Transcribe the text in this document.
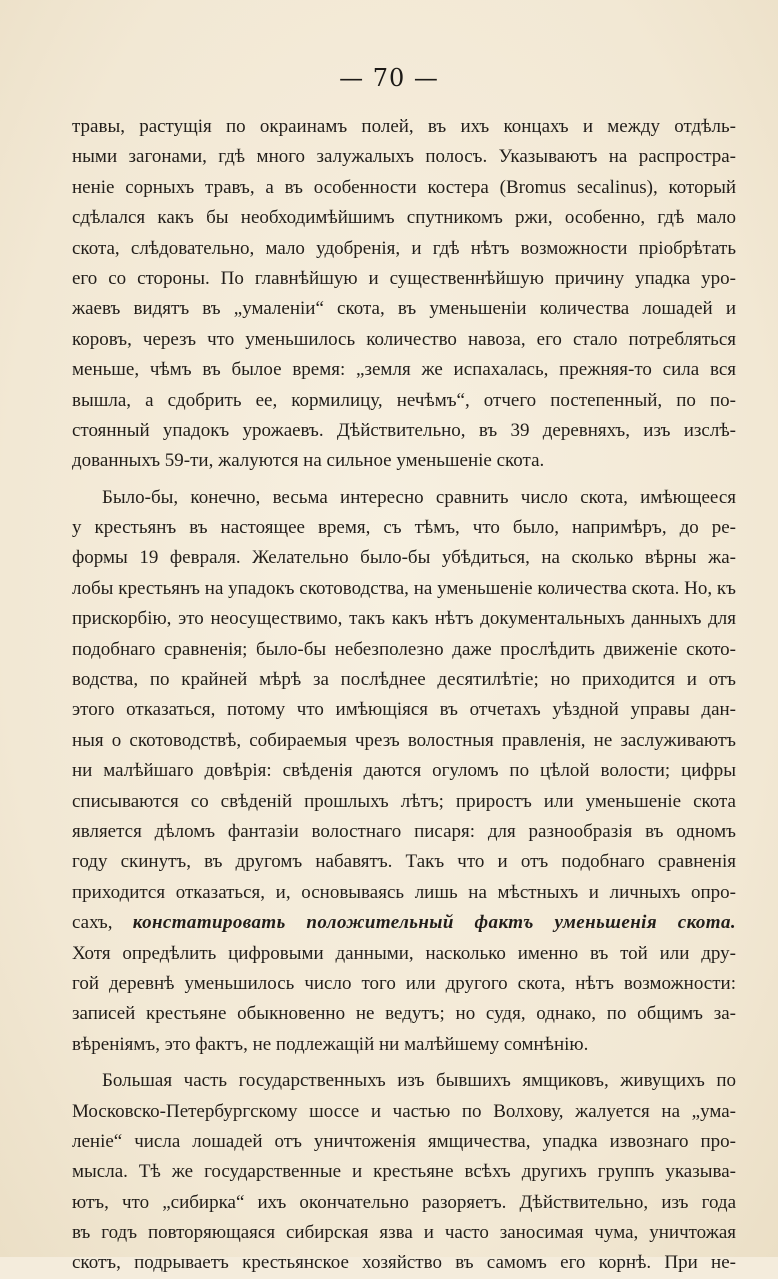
— 70 —
травы, растущія по окраинамъ полей, въ ихъ концахъ и между отдѣль-
ными загонами, гдѣ много залужалыхъ полосъ. Указываютъ на распростра-
неніе сорныхъ травъ, а въ особенности костера (Bromus secalinus), который
сдѣлался какъ бы необходимѣйшимъ спутникомъ ржи, особенно, гдѣ мало
скота, слѣдовательно, мало удобренія, и гдѣ нѣтъ возможности пріобрѣтать
его со стороны. По главнѣйшую и существеннѣйшую причину упадка уро-
жаевъ видятъ въ „умаленіи“ скота, въ уменьшеніи количества лошадей и
коровъ, черезъ что уменьшилось количество навоза, его стало потребляться
меньше, чѣмъ въ былое время: „земля же испахалась, прежняя-то сила вся
вышла, а сдобрить ее, кормилицу, нечѣмъ“, отчего постепенный, по по-
стоянный упадокъ урожаевъ. Дѣйствительно, въ 39 деревняхъ, изъ изслѣ-
дованныхъ 59-ти, жалуются на сильное уменьшеніе скота.
Было-бы, конечно, весьма интересно сравнить число скота, имѣющееся
у крестьянъ въ настоящее время, съ тѣмъ, что было, напримѣръ, до ре-
формы 19 февраля. Желательно было-бы убѣдиться, на сколько вѣрны жа-
лобы крестьянъ на упадокъ скотоводства, на уменьшеніе количества скота. Но, къ
прискорбію, это неосуществимо, такъ какъ нѣтъ документальныхъ данныхъ для
подобнаго сравненія; было-бы небезполезно даже прослѣдить движеніе ското-
водства, по крайней мѣрѣ за послѣднее десятилѣтіе; но приходится и отъ
этого отказаться, потому что имѣющіяся въ отчетахъ уѣздной управы дан-
ныя о скотоводствѣ, собираемыя чрезъ волостныя правленія, не заслуживаютъ
ни малѣйшаго довѣрія: свѣденія даются огуломъ по цѣлой волости; цифры
списываются со свѣденій прошлыхъ лѣтъ; приростъ или уменьшеніе скота
является дѣломъ фантазіи волостнаго писаря: для разнообразія въ одномъ
году скинутъ, въ другомъ набавятъ. Такъ что и отъ подобнаго сравненія
приходится отказаться, и, основываясь лишь на мѣстныхъ и личныхъ опро-
сахъ, констатировать положительный фактъ уменьшенія скота.
Хотя опредѣлить цифровыми данными, насколько именно въ той или дру-
гой деревнѣ уменьшилось число того или другого скота, нѣтъ возможности:
записей крестьяне обыкновенно не ведутъ; но судя, однако, по общимъ за-
вѣреніямъ, это фактъ, не подлежащій ни малѣйшему сомнѣнію.
Большая часть государственныхъ изъ бывшихъ ямщиковъ, живущихъ по
Московско-Петербургскому шоссе и частью по Волхову, жалуется на „ума-
леніе“ числа лошадей отъ уничтоженія ямщичества, упадка извознаго про-
мысла. Тѣ же государственные и крестьяне всѣхъ другихъ группъ указыва-
ютъ, что „сибирка“ ихъ окончательно разоряетъ. Дѣйствительно, изъ года
въ годъ повторяющаяся сибирская язва и часто заносимая чума, уничтожая
скотъ, подрываетъ крестьянское хозяйство въ самомъ его корнѣ. При не-
